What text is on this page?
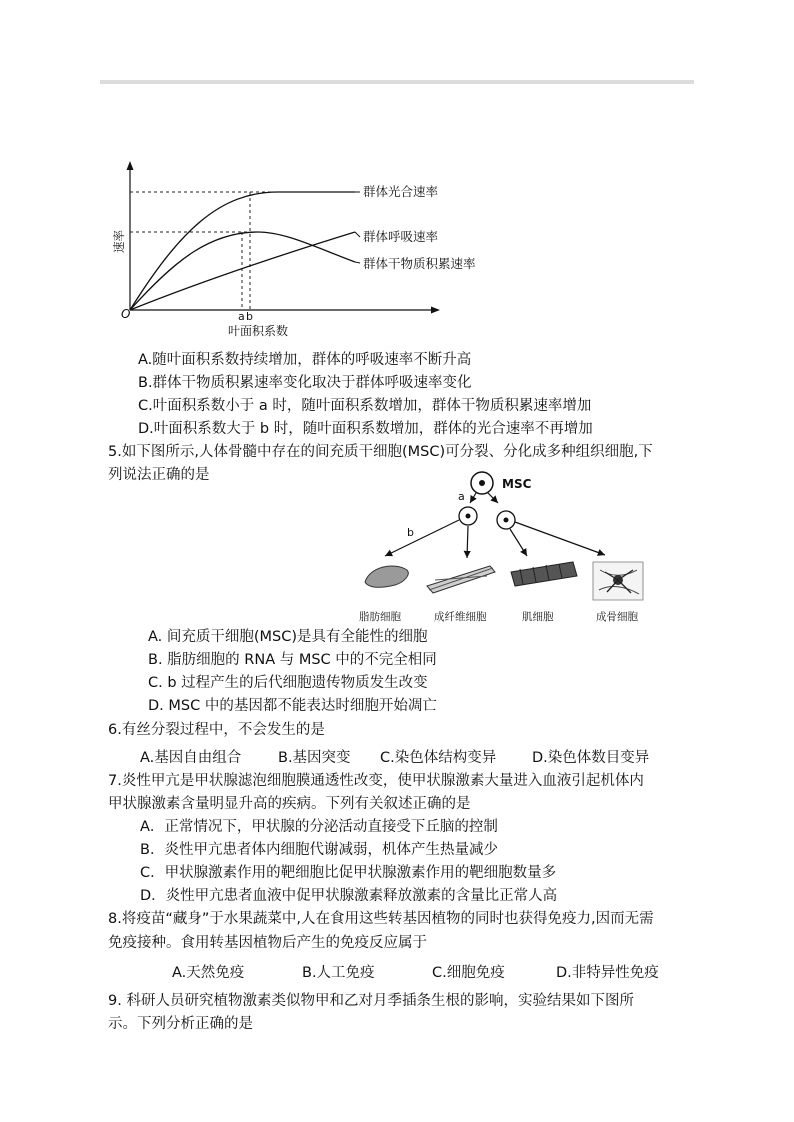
群体光合速率
群体呼吸速率
群体干物质积累速率
速率
O	a b
叶面积系数
A.随叶面积系数持续增加，群体的呼吸速率不断升高
B.群体干物质积累速率变化取决于群体呼吸速率变化
C.叶面积系数小于 a 时，随叶面积系数增加，群体干物质积累速率增加
D.叶面积系数大于 b 时，随叶面积系数增加，群体的光合速率不再增加
5.如下图所示,人体骨髓中存在的间充质干细胞(MSC)可分裂、分化成多种组织细胞,下
列说法正确的是
MSC
a
b
脂肪细胞	成纤维细胞	肌细胞	成骨细胞
A. 间充质干细胞(MSC)是具有全能性的细胞
B. 脂肪细胞的 RNA 与 MSC 中的不完全相同
C. b 过程产生的后代细胞遗传物质发生改变
D. MSC 中的基因都不能表达时细胞开始凋亡
6.有丝分裂过程中，不会发生的是
A.基因自由组合	B.基因突变 C.染色体结构变异 D.染色体数目变异
7.炎性甲亢是甲状腺滤泡细胞膜通透性改变，使甲状腺激素大量进入血液引起机体内
甲状腺激素含量明显升高的疾病。下列有关叙述正确的是
A．正常情况下，甲状腺的分泌活动直接受下丘脑的控制
B．炎性甲亢患者体内细胞代谢减弱，机体产生热量减少
C．甲状腺激素作用的靶细胞比促甲状腺激素作用的靶细胞数量多
D．炎性甲亢患者血液中促甲状腺激素释放激素的含量比正常人高
8.将疫苗“藏身”于水果蔬菜中,人在食用这些转基因植物的同时也获得免疫力,因而无需
免疫接种。食用转基因植物后产生的免疫反应属于
A.天然免疫	B.人工免疫	C.细胞免疫	D.非特异性免疫
9. 科研人员研究植物激素类似物甲和乙对月季插条生根的影响，实验结果如下图所
示。下列分析正确的是
